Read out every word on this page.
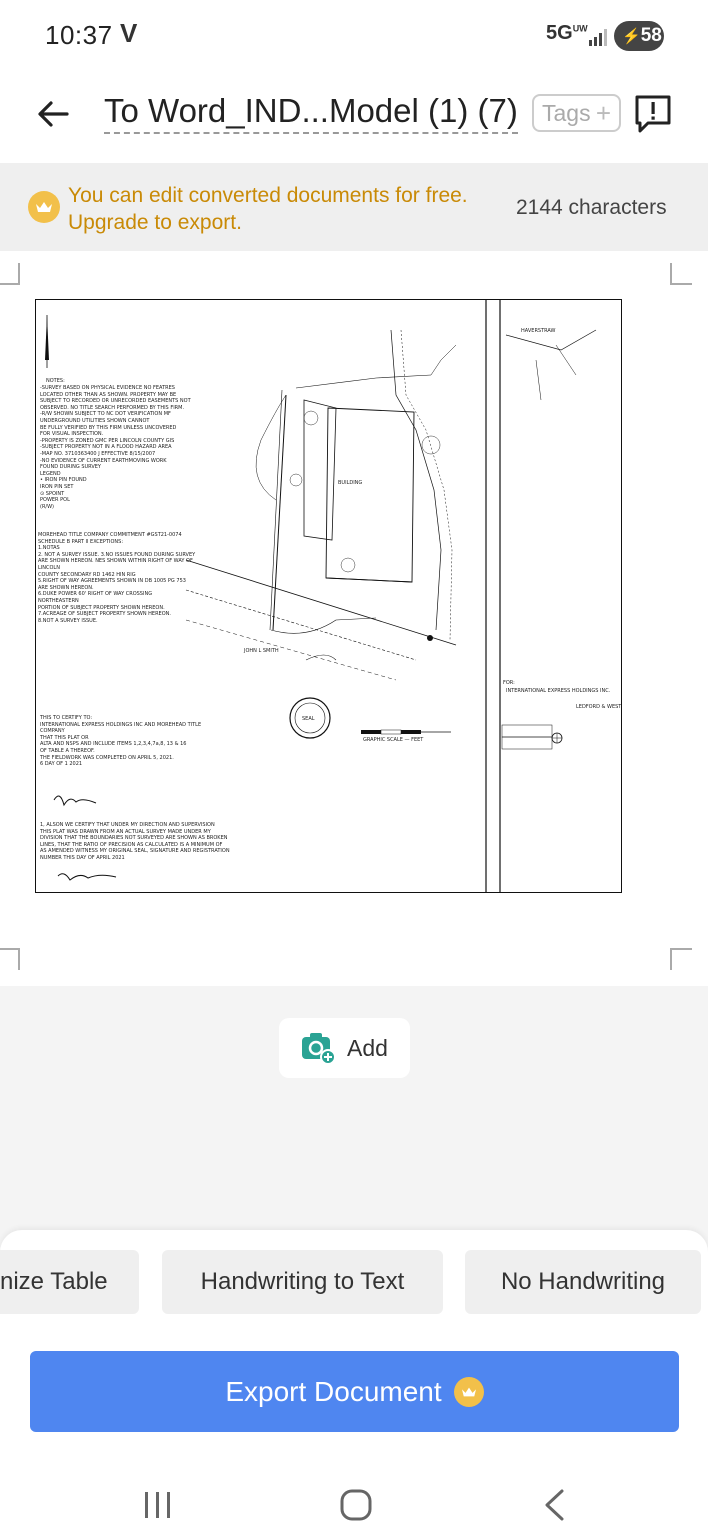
10:37 V	$5G^{UW}$	⚡58
To Word_IND...Model (1) (7)	Tags +
You can edit converted documents for free. Upgrade to export.
2144 characters
NOTES:
-SURVEY BASED ON PHYSICAL EVIDENCE NO FEATRES
LOCATED OTHER THAN AS SHOWN. PROPERTY MAY BE
SUBJECT TO RECORDED OR UNRECORDED EASEMENTS NOT
OBSERVED. NO TITLE SEARCH PERFORMED BY THIS FIRM.
-R/W SHOWN SUBJECT TO NC DOT VERIFICATION MF
UNDERGROUND UTILITIES SHOWN CANNOT
BE FULLY VERIFIED BY THIS FIRM UNLESS UNCOVERED
FOR VISUAL INSPECTION.
-PROPERTY IS ZONED GMC PER LINCOLN COUNTY GIS
-SUBJECT PROPERTY NOT IN A FLOOD HAZARD AREA
-MAP NO. 3710363400 J EFFECTIVE 8/15/2007
-NO EVIDENCE OF CURRENT EARTHMOVING WORK
FOUND DURING SURVEY
LEGEND
• IRON PIN FOUND
IRON PIN SET
⊙ SPOINT
POWER POL
(R/W)
MOREHEAD TITLE COMPANY COMMITMENT #GST21-0074
SCHEDULE B PART II EXCEPTIONS:
1.NOTAS
2. NOT A SURVEY ISSUE. 3.NO ISSUES FOUND DURING SURVEY
ARE SHOWN HEREON. NES SHOWN WITHIN RIGHT OF WAY OF
LINCOLN
COUNTY SECONDARY RD 1462 HIN RIG
5.RIGHT OF WAY AGREEMENTS SHOWN IN DB 1005 PG 753
ARE SHOWN HEREON.
6.DUKE POWER 60' RIGHT OF WAY CROSSING
NORTHEASTERN
PORTION OF SUBJECT PROPERTY SHOWN HEREON.
7.ACREAGE OF SUBJECT PROPERTY SHOWN HEREON.
8.NOT A SURVEY ISSUE.
THIS TO CERTIFY TO:
INTERNATIONAL EXPRESS HOLDINGS INC AND MOREHEAD TITLE
COMPANY
THAT THIS PLAT OR
ALTA AND NSPS AND INCLUDE ITEMS 1,2,3,4,7a,8, 13 & 16
OF TABLE A THEREOF.
THE FIELDWORK WAS COMPLETED ON APRIL 5, 2021.
6 DAY OF 1 2021
1, ALSON WE CERTIFY THAT UNDER MY DIRECTION AND SUPERVISION
THIS PLAT WAS DRAWN FROM AN ACTUAL SURVEY MADE UNDER MY
DIVISION THAT THE BOUNDARIES NOT SURVEYED ARE SHOWN AS BROKEN
LINES, THAT THE RATIO OF PRECISION AS CALCULATED IS A MINIMUM OF
AS AMENDED WITNESS MY ORIGINAL SEAL, SIGNATURE AND REGISTRATION
NUMBER THIS DAY OF APRIL 2021
BUILDING
JOHN L SMITH
SEAL
GRAPHIC SCALE — FEET
HAVERSTRAW
FOR:
INTERNATIONAL EXPRESS HOLDINGS INC.
LEDFORD & WEST
Add
nize Table	Handwriting to Text	No Handwriting
Export Document
